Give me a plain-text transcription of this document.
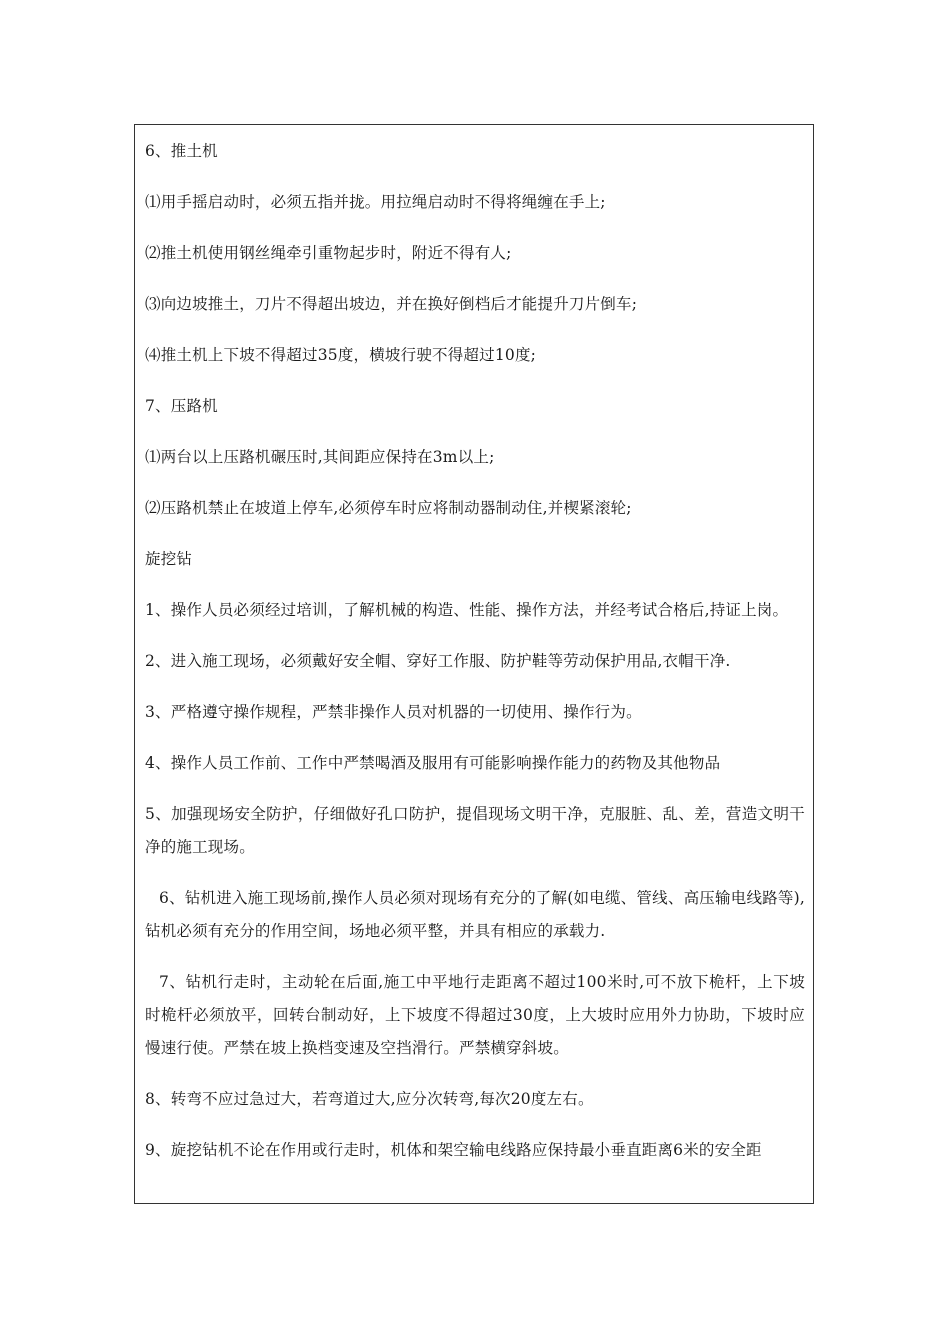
6、推土机

⑴用手摇启动时，必须五指并拢。用拉绳启动时不得将绳缠在手上;

⑵推土机使用钢丝绳牵引重物起步时，附近不得有人;

⑶向边坡推土，刀片不得超出坡边，并在换好倒档后才能提升刀片倒车;

⑷推土机上下坡不得超过35度，横坡行驶不得超过10度;

7、压路机

⑴两台以上压路机碾压时,其间距应保持在3m以上;

⑵压路机禁止在坡道上停车,必须停车时应将制动器制动住,并楔紧滚轮;

旋挖钻

1、操作人员必须经过培训，了解机械的构造、性能、操作方法，并经考试合格后,持证上岗。

2、进入施工现场，必须戴好安全帽、穿好工作服、防护鞋等劳动保护用品,衣帽干净.

3、严格遵守操作规程，严禁非操作人员对机器的一切使用、操作行为。

4、操作人员工作前、工作中严禁喝酒及服用有可能影响操作能力的药物及其他物品

5、加强现场安全防护，仔细做好孔口防护，提倡现场文明干净，克服脏、乱、差，营造文明干净的施工现场。

6、钻机进入施工现场前,操作人员必须对现场有充分的了解(如电缆、管线、高压输电线路等),钻机必须有充分的作用空间，场地必须平整，并具有相应的承载力.

7、钻机行走时，主动轮在后面,施工中平地行走距离不超过100米时,可不放下桅杆，上下坡时桅杆必须放平，回转台制动好，上下坡度不得超过30度，上大坡时应用外力协助，下坡时应慢速行使。严禁在坡上换档变速及空挡滑行。严禁横穿斜坡。

8、转弯不应过急过大，若弯道过大,应分次转弯,每次20度左右。

9、旋挖钻机不论在作用或行走时，机体和架空输电线路应保持最小垂直距离6米的安全距
